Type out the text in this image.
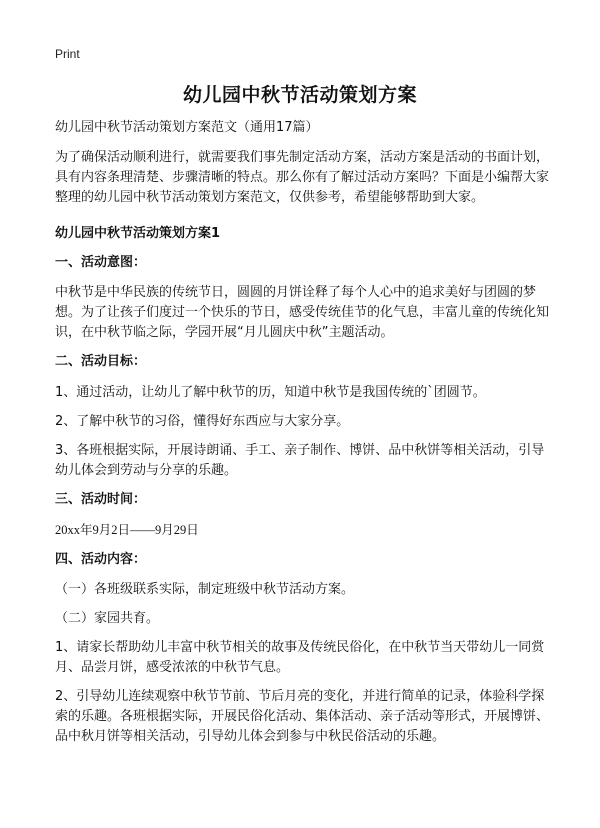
Print
幼儿园中秋节活动策划方案

幼儿园中秋节活动策划方案范文（通用17篇）

为了确保活动顺利进行，就需要我们事先制定活动方案，活动方案是活动的书面计划，具有内容条理清楚、步骤清晰的特点。那么你有了解过活动方案吗？下面是小编帮大家整理的幼儿园中秋节活动策划方案范文，仅供参考，希望能够帮助到大家。

幼儿园中秋节活动策划方案1

一、活动意图：

中秋节是中华民族的传统节日，圆圆的月饼诠释了每个人心中的追求美好与团圆的梦想。为了让孩子们度过一个快乐的节日，感受传统佳节的化气息，丰富儿童的传统化知识，在中秋节临之际，学园开展“月儿圆庆中秋”主题活动。

二、活动目标：

1、通过活动，让幼儿了解中秋节的历，知道中秋节是我国传统的`团圆节。

2、了解中秋节的习俗，懂得好东西应与大家分享。

3、各班根据实际，开展诗朗诵、手工、亲子制作、博饼、品中秋饼等相关活动，引导幼儿体会到劳动与分享的乐趣。

三、活动时间：

20xx年9月2日——9月29日

四、活动内容：

（一）各班级联系实际，制定班级中秋节活动方案。

（二）家园共育。

1、请家长帮助幼儿丰富中秋节相关的故事及传统民俗化，在中秋节当天带幼儿一同赏月、品尝月饼，感受浓浓的中秋节气息。

2、引导幼儿连续观察中秋节节前、节后月亮的变化，并进行简单的记录，体验科学探索的乐趣。各班根据实际，开展民俗化活动、集体活动、亲子活动等形式，开展博饼、品中秋月饼等相关活动，引导幼儿体会到参与中秋民俗活动的乐趣。
